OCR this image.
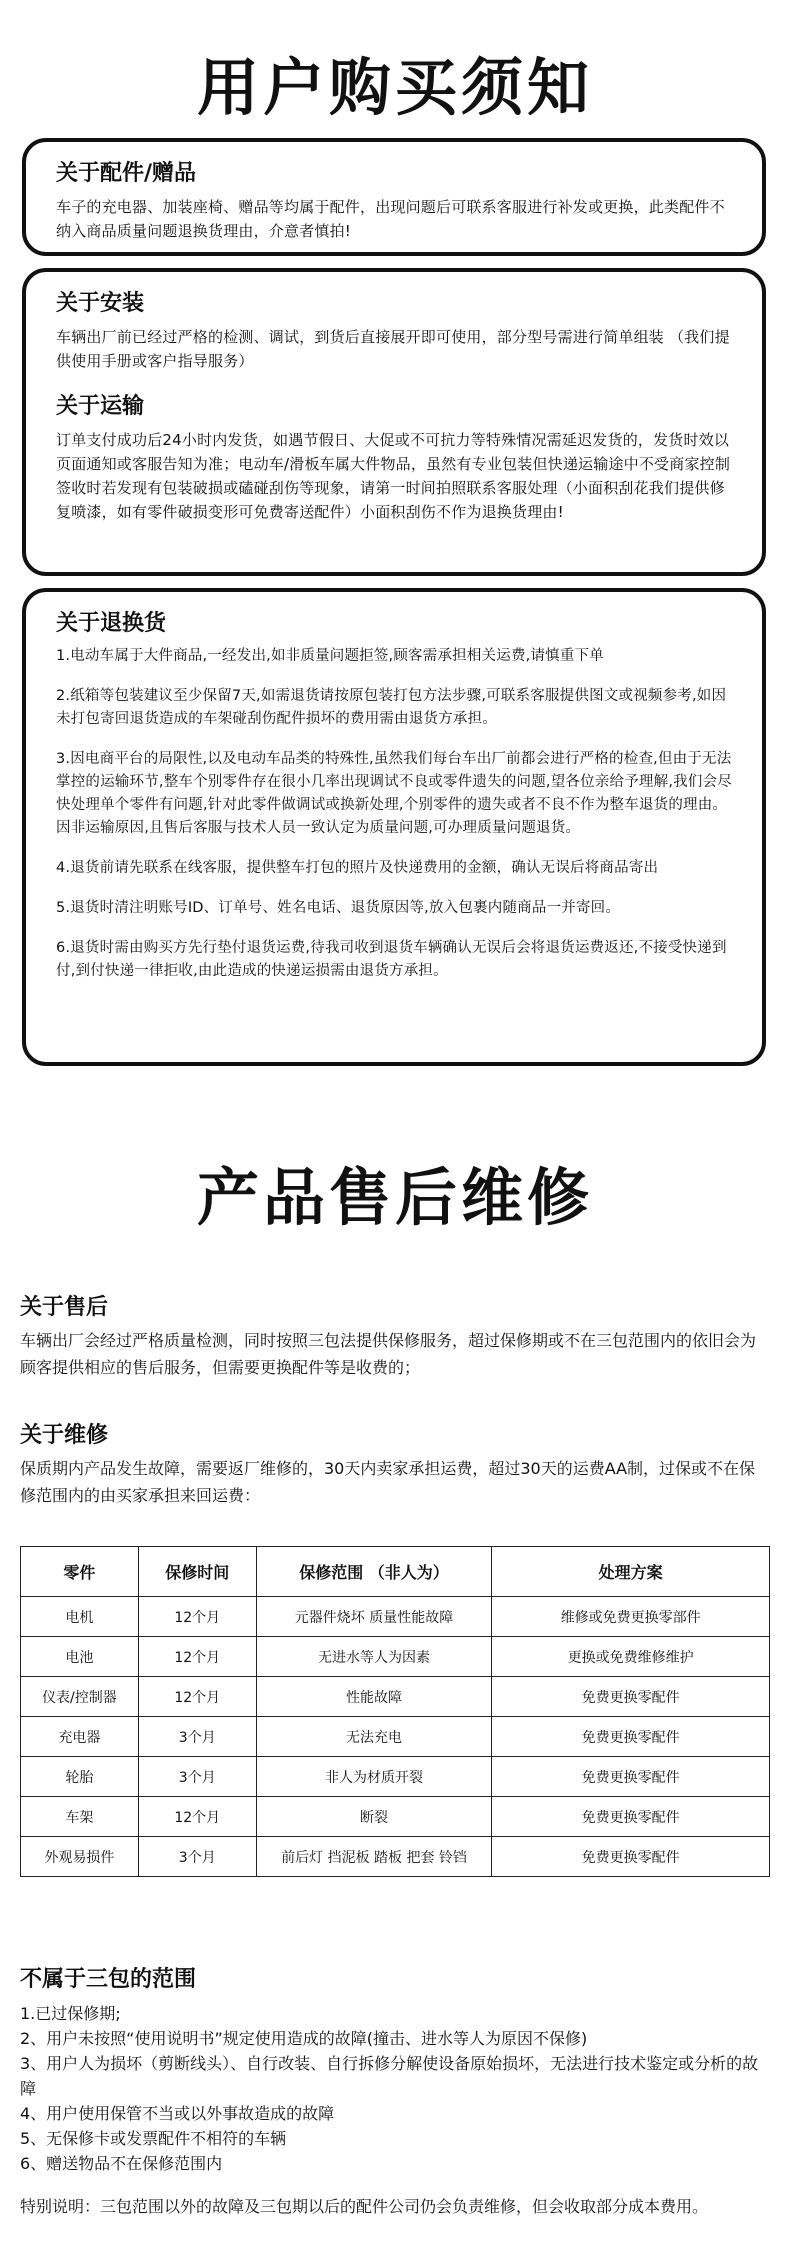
用户购买须知
关于配件/赠品

车子的充电器、加装座椅、赠品等均属于配件，出现问题后可联系客服进行补发或更换，此类配件不纳入商品质量问题退换货理由，介意者慎拍!

关于安装

车辆出厂前已经过严格的检测、调试，到货后直接展开即可使用，部分型号需进行简单组装 （我们提供使用手册或客户指导服务）

关于运输

订单支付成功后24小时内发货，如遇节假日、大促或不可抗力等特殊情况需延迟发货的，发货时效以页面通知或客服告知为准；电动车/滑板车属大件物品，虽然有专业包装但快递运输途中不受商家控制签收时若发现有包装破损或磕碰刮伤等现象，请第一时间拍照联系客服处理（小面积刮花我们提供修复喷漆，如有零件破损变形可免费寄送配件）小面积刮伤不作为退换货理由!

关于退换货

1.电动车属于大件商品,一经发出,如非质量问题拒签,顾客需承担相关运费,请慎重下单

2.纸箱等包装建议至少保留7天,如需退货请按原包装打包方法步骤,可联系客服提供图文或视频参考,如因未打包寄回退货造成的车架碰刮伤配件损坏的费用需由退货方承担。

3.因电商平台的局限性,以及电动车品类的特殊性,虽然我们每台车出厂前都会进行严格的检查,但由于无法掌控的运输环节,整车个别零件存在很小几率出现调试不良或零件遗失的问题,望各位亲给予理解,我们会尽快处理单个零件有问题,针对此零件做调试或换新处理,个别零件的遗失或者不良不作为整车退货的理由。因非运输原因,且售后客服与技术人员一致认定为质量问题,可办理质量问题退货。

4.退货前请先联系在线客服，提供整车打包的照片及快递费用的金额，确认无误后将商品寄出

5.退货时清注明账号ID、订单号、姓名电话、退货原因等,放入包裹内随商品一并寄回。

6.退货时需由购买方先行垫付退货运费,待我司收到退货车辆确认无误后会将退货运费返还,不接受快递到付,到付快递一律拒收,由此造成的快递运损需由退货方承担。

产品售后维修
关于售后

车辆出厂会经过严格质量检测，同时按照三包法提供保修服务，超过保修期或不在三包范围内的依旧会为顾客提供相应的售后服务，但需要更换配件等是收费的；

关于维修

保质期内产品发生故障，需要返厂维修的，30天内卖家承担运费，超过30天的运费AA制，过保或不在保修范围内的由买家承担来回运费：

零件	保修时间	保修范围 （非人为）	处理方案
电机	12个月	元器件烧坏 质量性能故障	维修或免费更换零部件
电池	12个月	无进水等人为因素	更换或免费维修维护
仪表/控制器	12个月	性能故障	免费更换零配件
充电器	3个月	无法充电	免费更换零配件
轮胎	3个月	非人为材质开裂	免费更换零配件
车架	12个月	断裂	免费更换零配件
外观易损件	3个月	前后灯 挡泥板 踏板 把套 铃铛	免费更换零配件
不属于三包的范围

1.已过保修期;

2、用户未按照“使用说明书”规定使用造成的故障(撞击、进水等人为原因不保修)

3、用户人为损坏（剪断线头）、自行改装、自行拆修分解使设备原始损坏，无法进行技术鉴定或分析的故障

4、用户使用保管不当或以外事故造成的故障

5、无保修卡或发票配件不相符的车辆

6、赠送物品不在保修范围内

特别说明：三包范围以外的故障及三包期以后的配件公司仍会负责维修，但会收取部分成本费用。
